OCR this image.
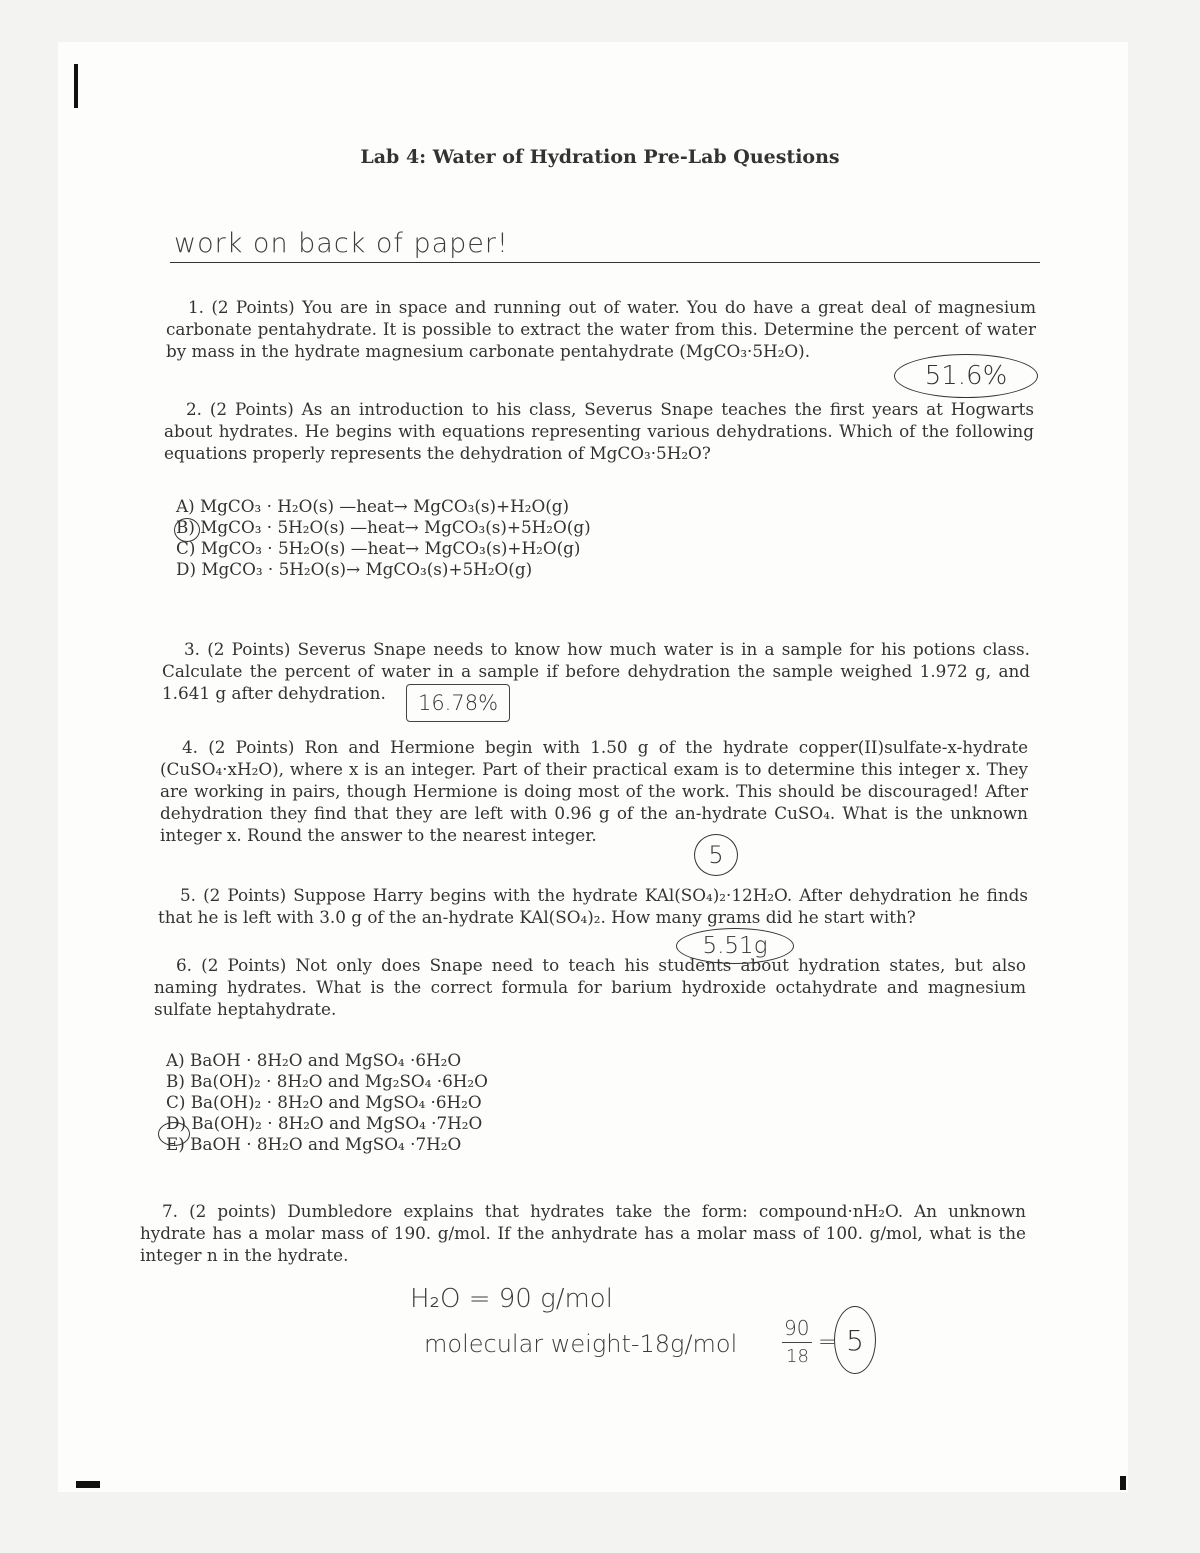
Lab 4: Water of Hydration Pre-Lab Questions
work on back of paper!

1. (2 Points) You are in space and running out of water. You do have a great deal of magnesium carbonate pentahydrate. It is possible to extract the water from this. Determine the percent of water by mass in the hydrate magnesium carbonate pentahydrate (MgCO₃·5H₂O).

51.6%

2. (2 Points) As an introduction to his class, Severus Snape teaches the first years at Hogwarts about hydrates. He begins with equations representing various dehydrations. Which of the following equations properly represents the dehydration of MgCO₃·5H₂O?

A) MgCO₃ · H₂O(s) —heat→ MgCO₃(s)+H₂O(g)
B) MgCO₃ · 5H₂O(s) —heat→ MgCO₃(s)+5H₂O(g)
C) MgCO₃ · 5H₂O(s) —heat→ MgCO₃(s)+H₂O(g)
D) MgCO₃ · 5H₂O(s)→ MgCO₃(s)+5H₂O(g)

3. (2 Points) Severus Snape needs to know how much water is in a sample for his potions class. Calculate the percent of water in a sample if before dehydration the sample weighed 1.972 g, and 1.641 g after dehydration.	16.78%

4. (2 Points) Ron and Hermione begin with 1.50 g of the hydrate copper(II)sulfate-x-hydrate (CuSO₄·xH₂O), where x is an integer. Part of their practical exam is to determine this integer x. They are working in pairs, though Hermione is doing most of the work. This should be discouraged! After dehydration they find that they are left with 0.96 g of the an-hydrate CuSO₄. What is the unknown integer x. Round the answer to the nearest integer.

5

5. (2 Points) Suppose Harry begins with the hydrate KAl(SO₄)₂·12H₂O. After dehydration he finds that he is left with 3.0 g of the an-hydrate KAl(SO₄)₂. How many grams did he start with?

5.51g

6. (2 Points) Not only does Snape need to teach his students about hydration states, but also naming hydrates. What is the correct formula for barium hydroxide octahydrate and magnesium sulfate heptahydrate.

A) BaOH · 8H₂O and MgSO₄ ·6H₂O
B) Ba(OH)₂ · 8H₂O and Mg₂SO₄ ·6H₂O
C) Ba(OH)₂ · 8H₂O and MgSO₄ ·6H₂O
D) Ba(OH)₂ · 8H₂O and MgSO₄ ·7H₂O
E) BaOH · 8H₂O and MgSO₄ ·7H₂O

7. (2 points) Dumbledore explains that hydrates take the form: compound·nH₂O. An unknown hydrate has a molar mass of 190. g/mol. If the anhydrate has a molar mass of 100. g/mol, what is the integer n in the hydrate.

H₂O = 90 g/mol
molecular weight-18g/mol
90
18
= 5
